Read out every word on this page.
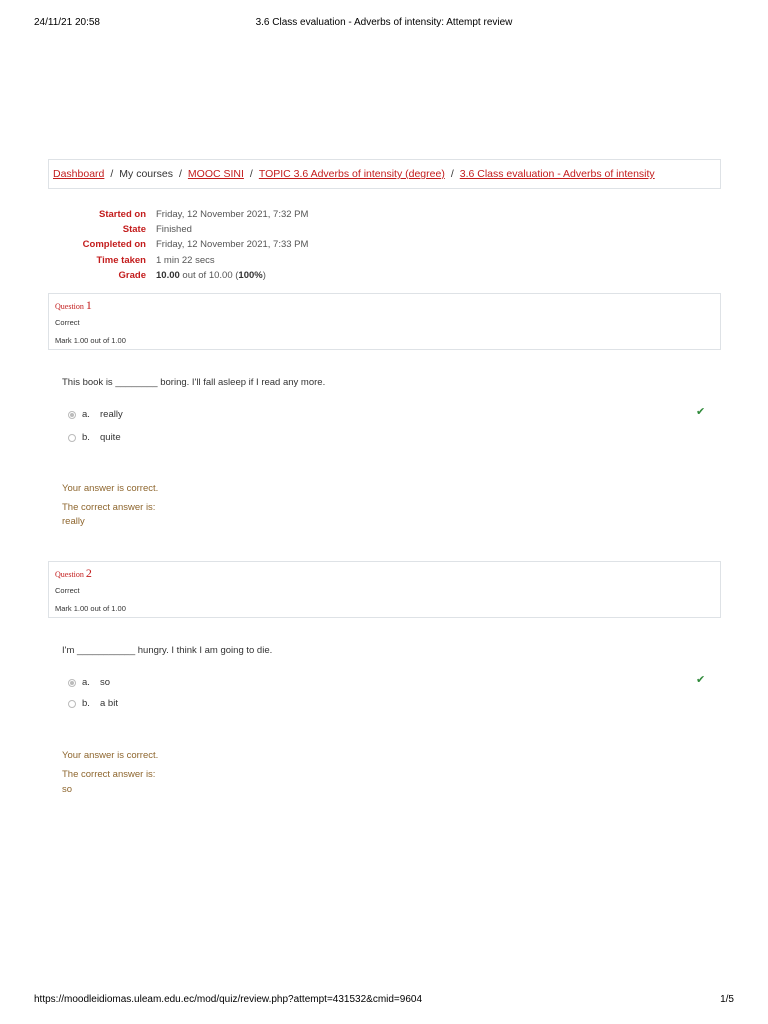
24/11/21 20:58	3.6 Class evaluation - Adverbs of intensity: Attempt review
Dashboard / My courses / MOOC SINI / TOPIC 3.6 Adverbs of intensity (degree) / 3.6 Class evaluation - Adverbs of intensity
Started on	Friday, 12 November 2021, 7:32 PM
State	Finished
Completed on	Friday, 12 November 2021, 7:33 PM
Time taken	1 min 22 secs
Grade	10.00 out of 10.00 (100%)
Question 1
Correct
Mark 1.00 out of 1.00
This book is ________ boring. I'll fall asleep if I read any more.
a.	really	✔
b.	quite
Your answer is correct.
The correct answer is:
really
Question 2
Correct
Mark 1.00 out of 1.00
I'm ___________ hungry. I think I am going to die.
a.	so	✔
b.	a bit
Your answer is correct.
The correct answer is:
so
https://moodleidiomas.uleam.edu.ec/mod/quiz/review.php?attempt=431532&cmid=9604	1/5
